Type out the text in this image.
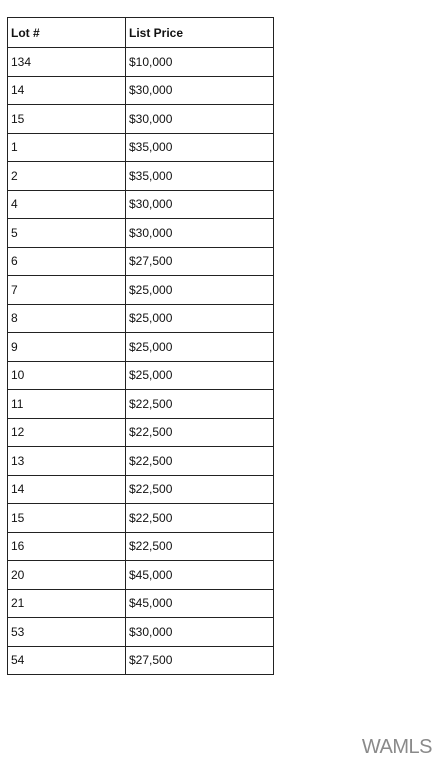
Lot #	List Price
134	$10,000
14	$30,000
15	$30,000
1	$35,000
2	$35,000
4	$30,000
5	$30,000
6	$27,500
7	$25,000
8	$25,000
9	$25,000
10	$25,000
11	$22,500
12	$22,500
13	$22,500
14	$22,500
15	$22,500
16	$22,500
20	$45,000
21	$45,000
53	$30,000
54	$27,500
WAMLS
